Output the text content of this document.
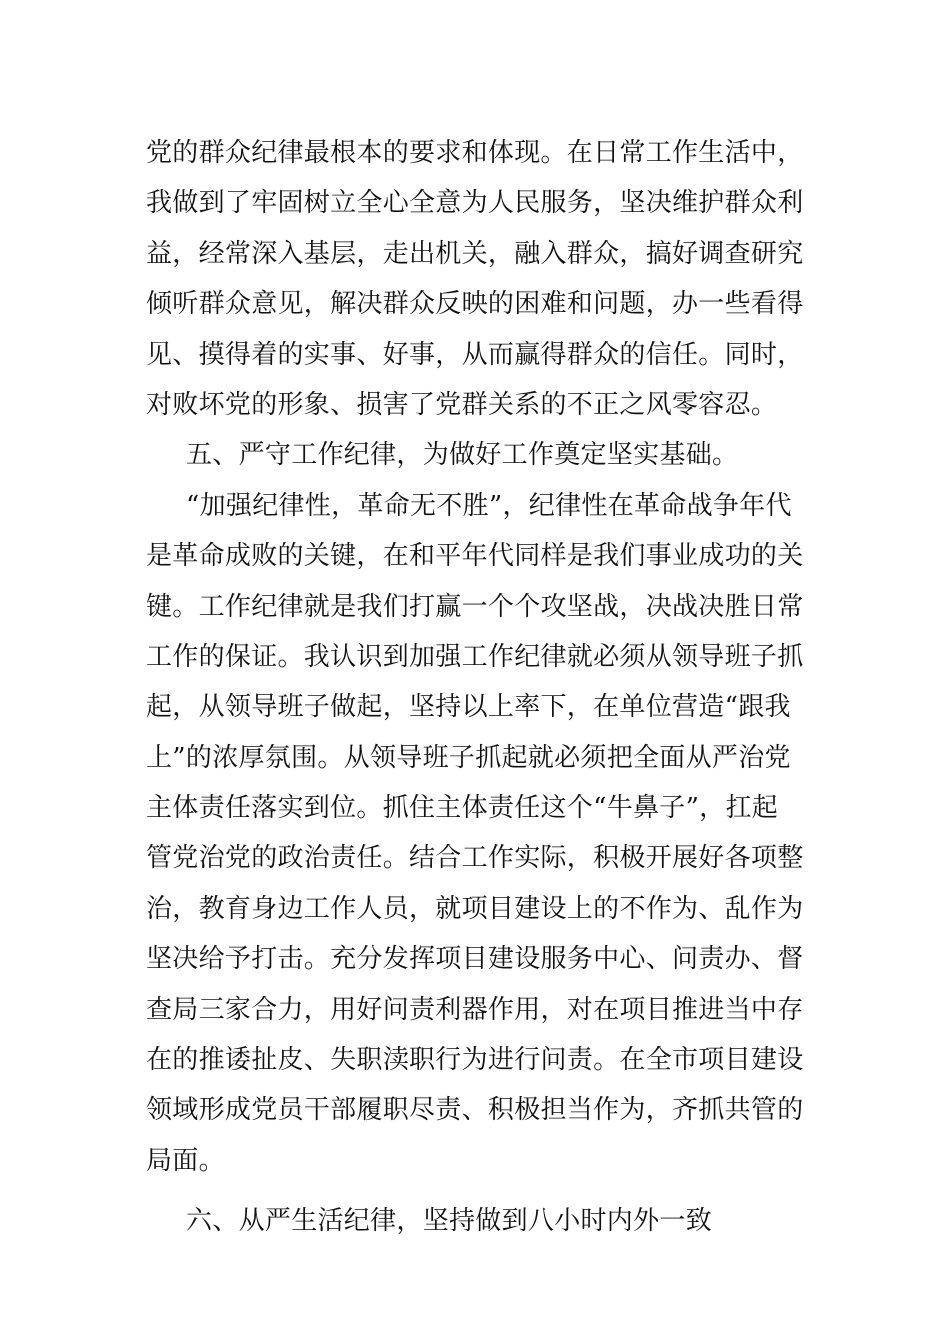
党的群众纪律最根本的要求和体现。在日常工作生活中，
我做到了牢固树立全心全意为人民服务，坚决维护群众利
益，经常深入基层，走出机关，融入群众，搞好调查研究
倾听群众意见，解决群众反映的困难和问题，办一些看得
见、摸得着的实事、好事，从而赢得群众的信任。同时，
对败坏党的形象、损害了党群关系的不正之风零容忍。
五、严守工作纪律，为做好工作奠定坚实基础。
“加强纪律性，革命无不胜”，纪律性在革命战争年代
是革命成败的关键，在和平年代同样是我们事业成功的关
键。工作纪律就是我们打赢一个个攻坚战，决战决胜日常
工作的保证。我认识到加强工作纪律就必须从领导班子抓
起，从领导班子做起，坚持以上率下，在单位营造“跟我
上”的浓厚氛围。从领导班子抓起就必须把全面从严治党
主体责任落实到位。抓住主体责任这个“牛鼻子”，扛起
管党治党的政治责任。结合工作实际，积极开展好各项整
治，教育身边工作人员，就项目建设上的不作为、乱作为
坚决给予打击。充分发挥项目建设服务中心、问责办、督
查局三家合力，用好问责利器作用，对在项目推进当中存
在的推诿扯皮、失职渎职行为进行问责。在全市项目建设
领域形成党员干部履职尽责、积极担当作为，齐抓共管的
局面。
六、从严生活纪律，坚持做到八小时内外一致
